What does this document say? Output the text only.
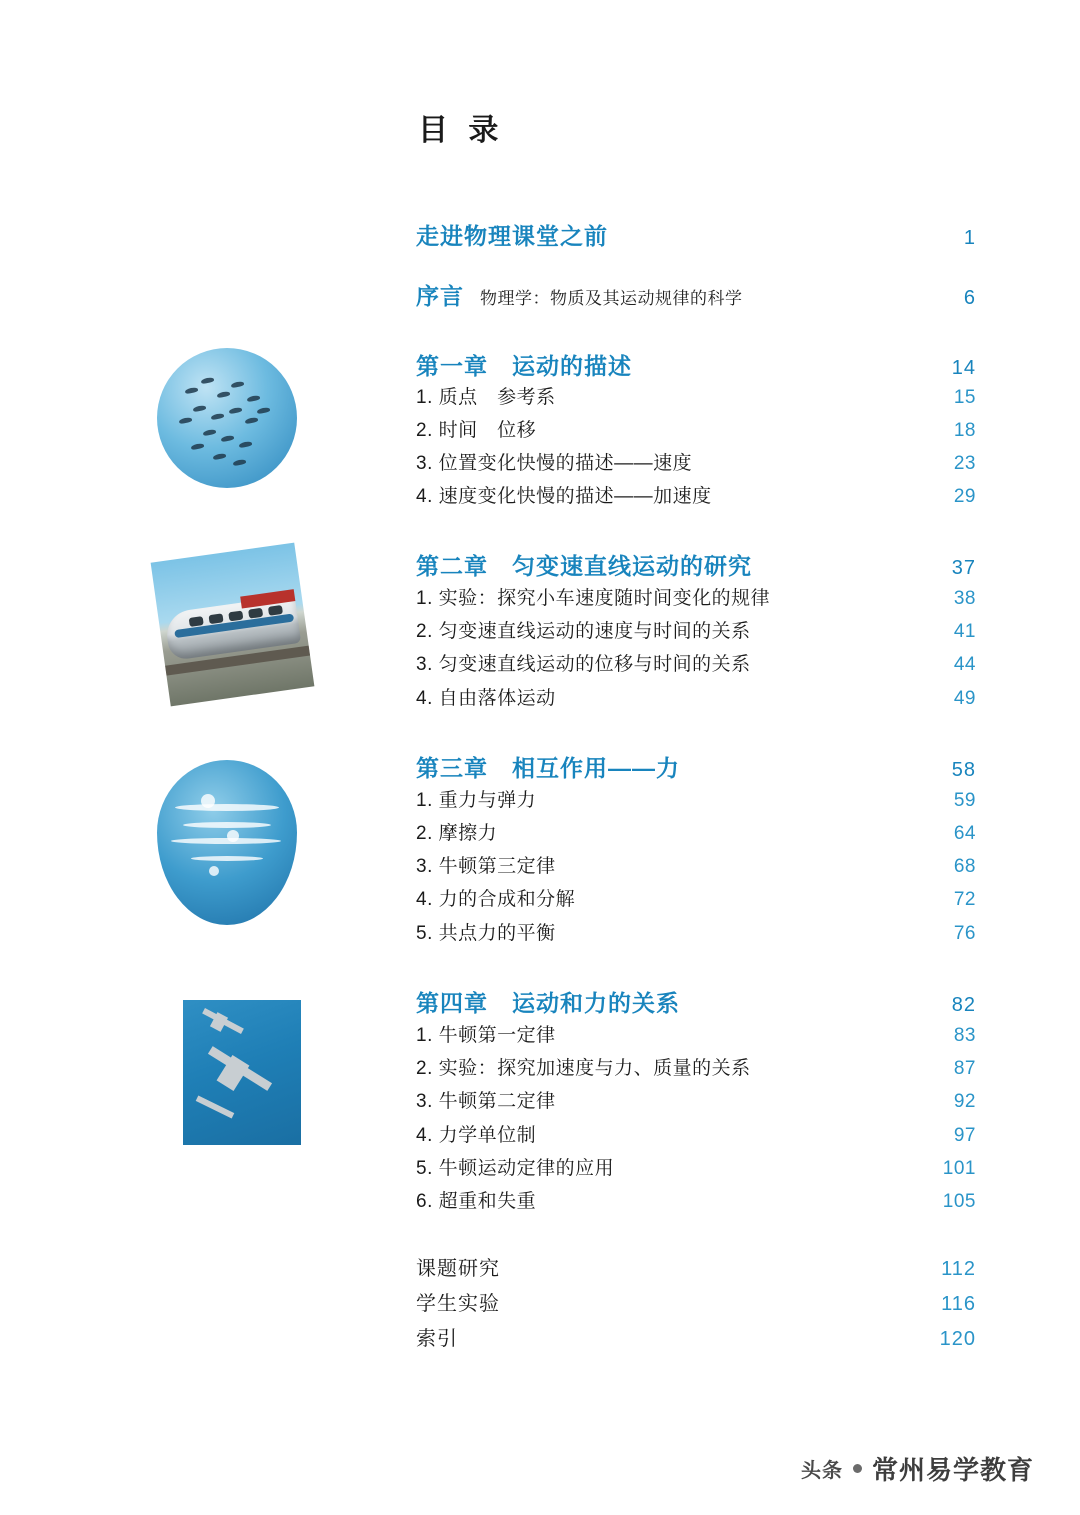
目 录
走进物理课堂之前	1
序言 物理学：物质及其运动规律的科学	6
第一章　运动的描述	14
1. 质点　参考系	15
2. 时间　位移	18
3. 位置变化快慢的描述——速度	23
4. 速度变化快慢的描述——加速度	29
第二章　匀变速直线运动的研究	37
1. 实验：探究小车速度随时间变化的规律	38
2. 匀变速直线运动的速度与时间的关系	41
3. 匀变速直线运动的位移与时间的关系	44
4. 自由落体运动	49
第三章　相互作用——力	58
1. 重力与弹力	59
2. 摩擦力	64
3. 牛顿第三定律	68
4. 力的合成和分解	72
5. 共点力的平衡	76
第四章　运动和力的关系	82
1. 牛顿第一定律	83
2. 实验：探究加速度与力、质量的关系	87
3. 牛顿第二定律	92
4. 力学单位制	97
5. 牛顿运动定律的应用	101
6. 超重和失重	105
课题研究	112
学生实验	116
索引	120
头条 常州易学教育
